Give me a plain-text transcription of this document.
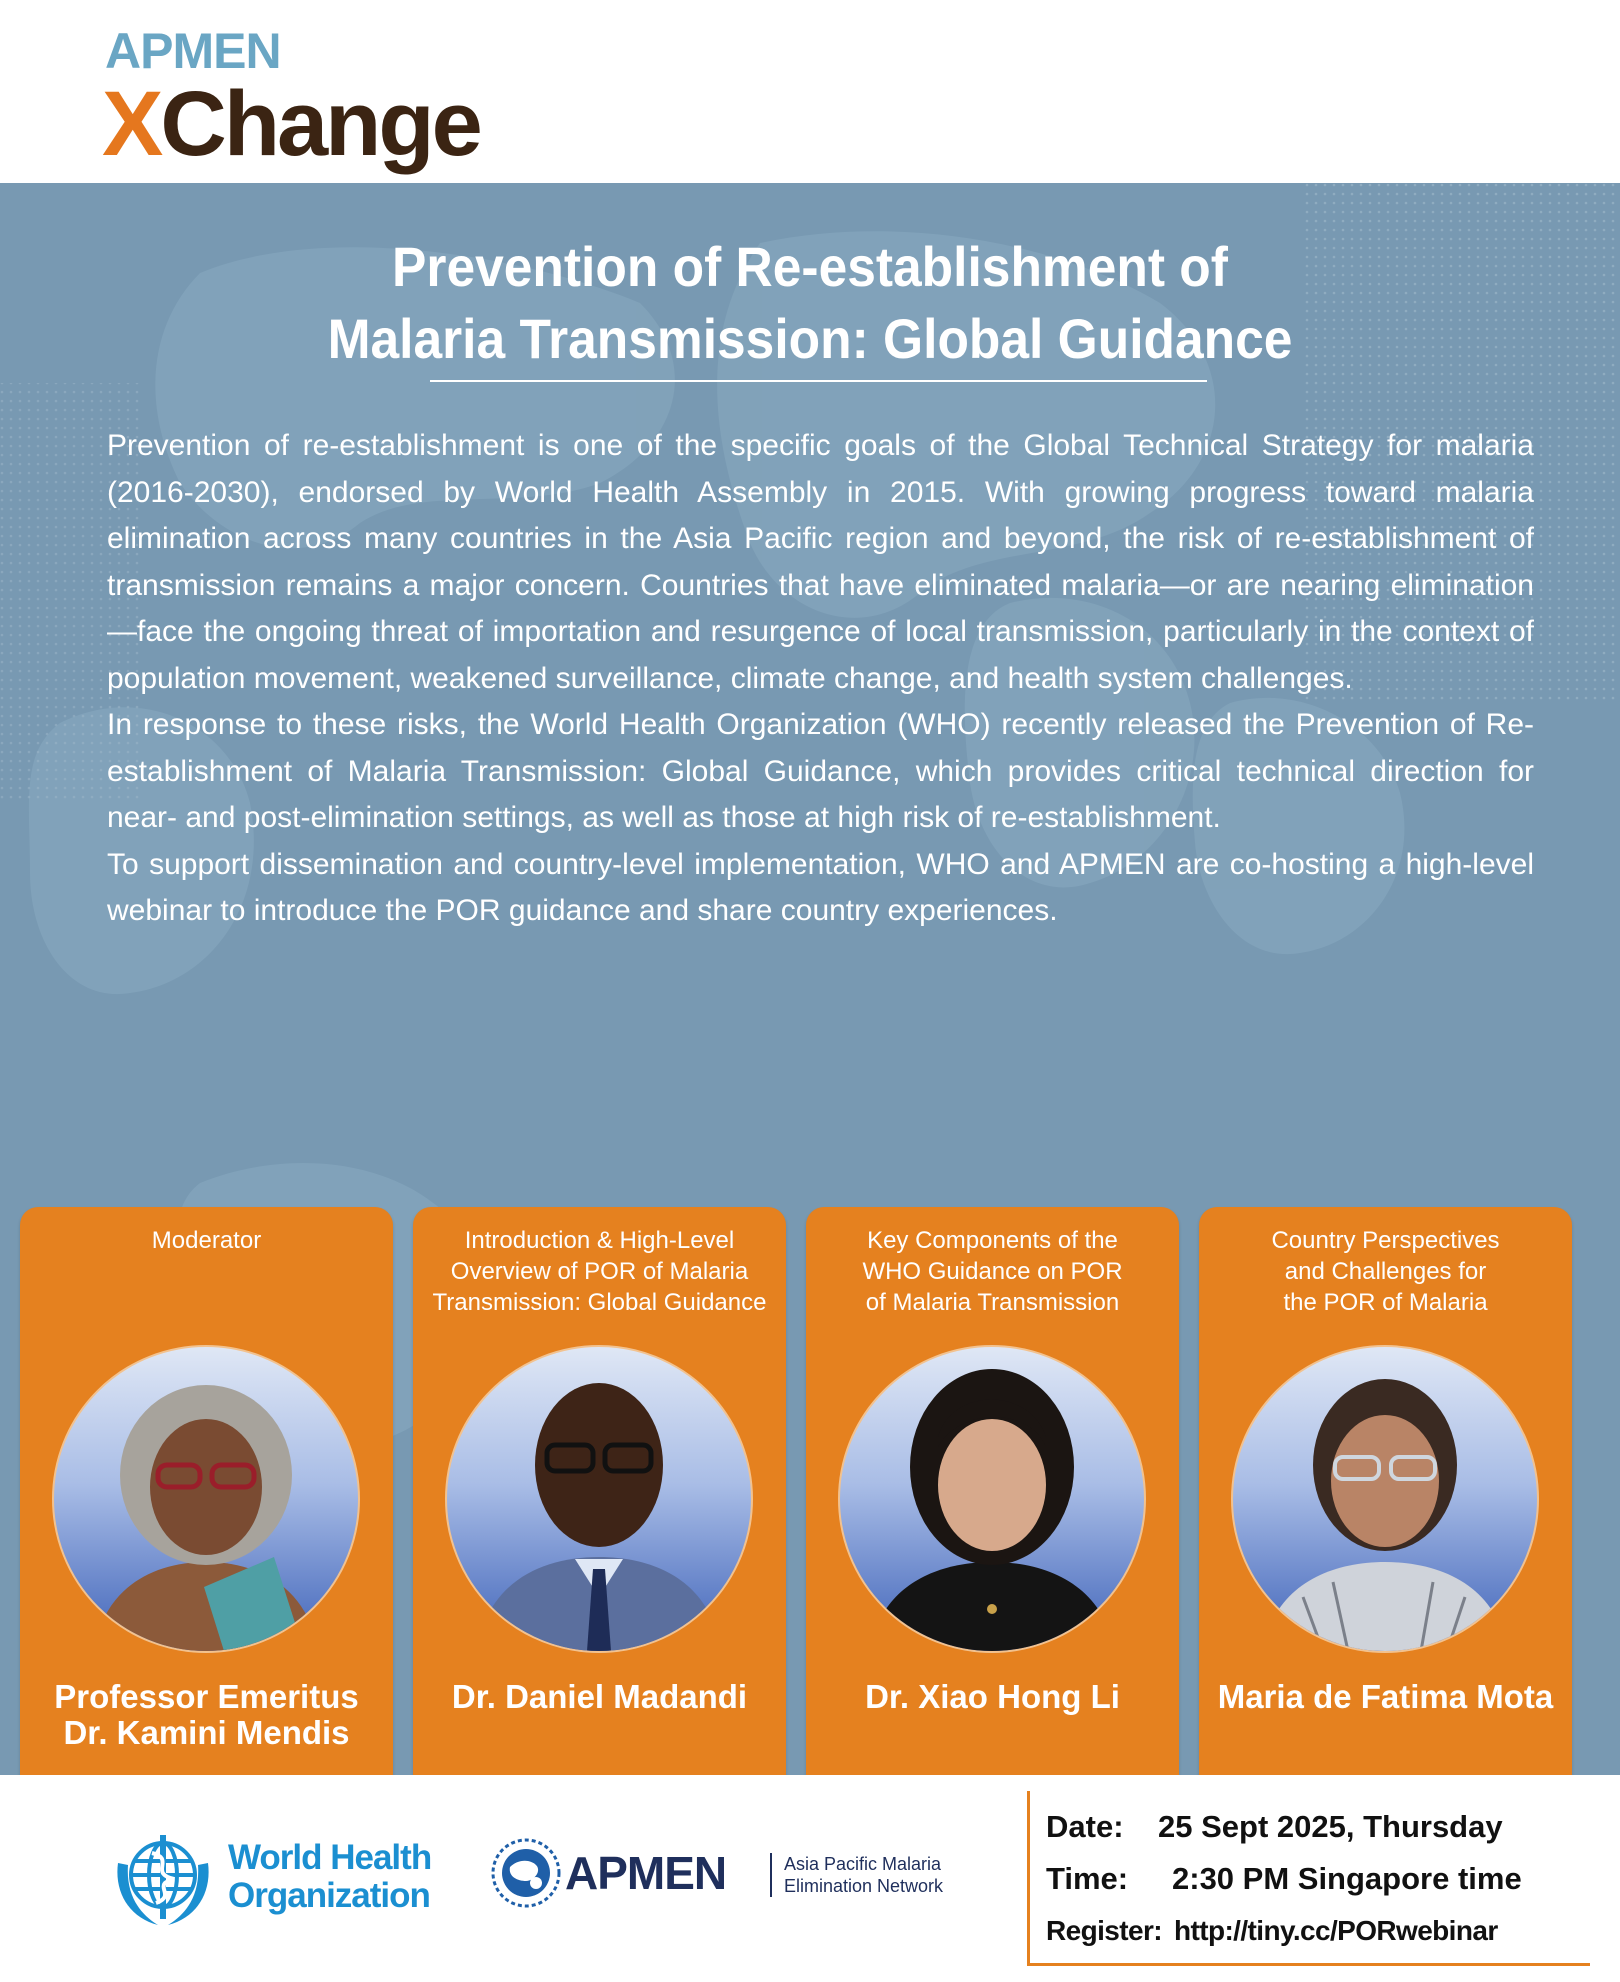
APMEN
XChange
Prevention of Re-establishment of
Malaria Transmission: Global Guidance

Prevention of re-establishment is one of the specific goals of the Global Technical Strategy for malaria (2016-2030), endorsed by World Health Assembly in 2015. With growing progress toward malaria elimination across many countries in the Asia Pacific region and beyond, the risk of re-establishment of transmission remains a major concern. Countries that have eliminated malaria—or are nearing elimination—face the ongoing threat of importation and resurgence of local transmission, particularly in the context of population movement, weakened surveillance, climate change, and health system challenges.

In response to these risks, the World Health Organization (WHO) recently released the Prevention of Re-establishment of Malaria Transmission: Global Guidance, which provides critical technical direction for near- and post-elimination settings, as well as those at high risk of re-establishment.

To support dissemination and country-level implementation, WHO and APMEN are co-hosting a high-level webinar to introduce the POR guidance and share country experiences.

Moderator
Professor Emeritus
Dr. Kamini Mendis

Introduction & High-Level
Overview of POR of Malaria
Transmission: Global Guidance
Dr. Daniel Madandi

Key Components of the
WHO Guidance on POR
of Malaria Transmission
Dr. Xiao Hong Li

Country Perspectives
and Challenges for
the POR of Malaria
Maria de Fatima Mota

World Health
Organization	APMEN	Asia Pacific Malaria
Elimination Network
Date: 25 Sept 2025, Thursday
Time: 2:30 PM Singapore time
Register: http://tiny.cc/PORwebinar
